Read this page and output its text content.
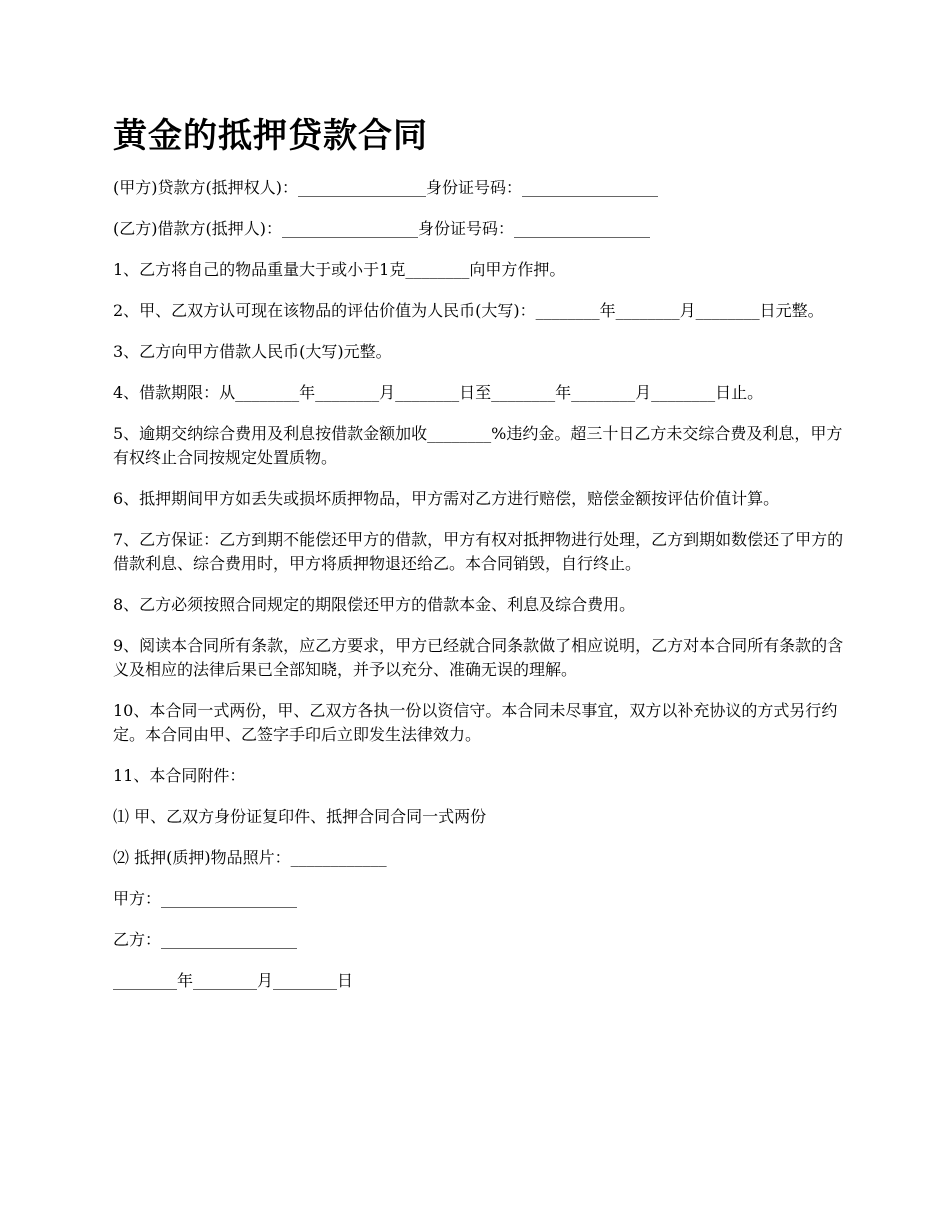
黄金的抵押贷款合同

(甲方)贷款方(抵押权人)：________________身份证号码：_________________

(乙方)借款方(抵押人)：_________________身份证号码：_________________

1、乙方将自己的物品重量大于或小于1克________向甲方作押。

2、甲、乙双方认可现在该物品的评估价值为人民币(大写)：________年________月________日元整。

3、乙方向甲方借款人民币(大写)元整。

4、借款期限：从________年________月________日至________年________月________日止。

5、逾期交纳综合费用及利息按借款金额加收________%违约金。超三十日乙方未交综合费及利息，甲方有权终止合同按规定处置质物。

6、抵押期间甲方如丢失或损坏质押物品，甲方需对乙方进行赔偿，赔偿金额按评估价值计算。

7、乙方保证：乙方到期不能偿还甲方的借款，甲方有权对抵押物进行处理，乙方到期如数偿还了甲方的借款利息、综合费用时，甲方将质押物退还给乙。本合同销毁，自行终止。

8、乙方必须按照合同规定的期限偿还甲方的借款本金、利息及综合费用。

9、阅读本合同所有条款，应乙方要求，甲方已经就合同条款做了相应说明，乙方对本合同所有条款的含义及相应的法律后果已全部知晓，并予以充分、准确无误的理解。

10、本合同一式两份，甲、乙双方各执一份以资信守。本合同未尽事宜，双方以补充协议的方式另行约定。本合同由甲、乙签字手印后立即发生法律效力。

11、本合同附件：

⑴ 甲、乙双方身份证复印件、抵押合同合同一式两份

⑵ 抵押(质押)物品照片：____________

甲方：_________________

乙方：_________________

________年________月________日
